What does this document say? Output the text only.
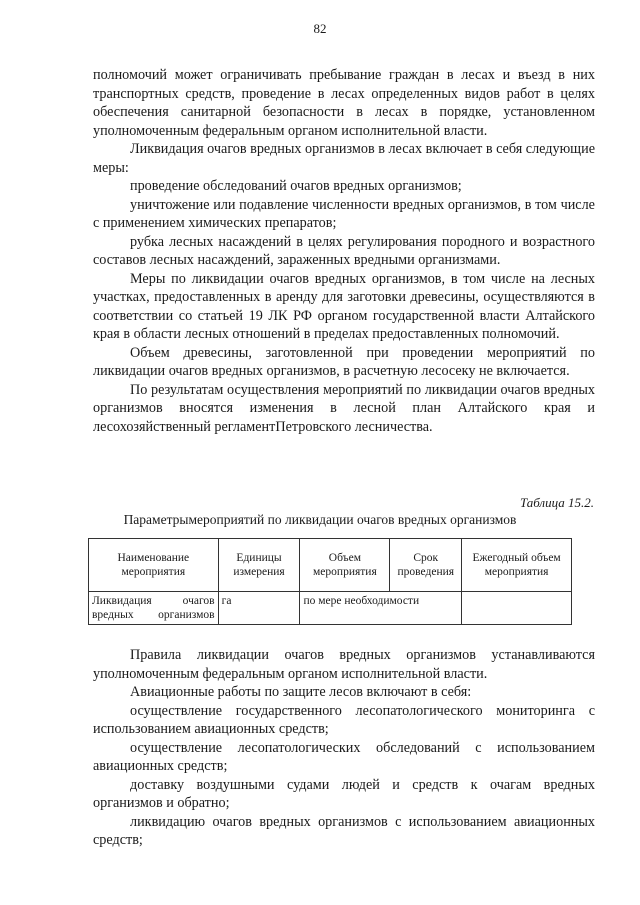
82

полномочий может ограничивать пребывание граждан в лесах и въезд в них транспортных средств, проведение в лесах определенных видов работ в целях обеспечения санитарной безопасности в лесах в порядке, установленном уполномоченным федеральным органом исполнительной власти.

Ликвидация очагов вредных организмов в лесах включает в себя следующие меры:

проведение обследований очагов вредных организмов;

уничтожение или подавление численности вредных организмов, в том числе с применением химических препаратов;

рубка лесных насаждений в целях регулирования породного и возрастного составов лесных насаждений, зараженных вредными организмами.

Меры по ликвидации очагов вредных организмов, в том числе на лесных участках, предоставленных в аренду для заготовки древесины, осуществляются в соответствии со статьей 19 ЛК РФ органом государственной власти Алтайского края в области лесных отношений в пределах предоставленных полномочий.

Объем древесины, заготовленной при проведении мероприятий по ликвидации очагов вредных организмов, в расчетную лесосеку не включается.

По результатам осуществления мероприятий по ликвидации очагов вредных организмов вносятся изменения в лесной план Алтайского края и лесохозяйственный регламентПетровского лесничества.

Таблица 15.2.
Параметрымероприятий по ликвидации очагов вредных организмов
Наименование мероприятия	Единицы измерения	Объем мероприятия	Срок проведения	Ежегодный объем мероприятия
Ликвидация очагов вредных организмов	га	по мере необходимости		

Правила ликвидации очагов вредных организмов устанавливаются уполномоченным федеральным органом исполнительной власти.

Авиационные работы по защите лесов включают в себя:

осуществление государственного лесопатологического мониторинга с использованием авиационных средств;

осуществление лесопатологических обследований с использованием авиационных средств;

доставку воздушными судами людей и средств к очагам вредных организмов и обратно;

ликвидацию очагов вредных организмов с использованием авиационных средств;
